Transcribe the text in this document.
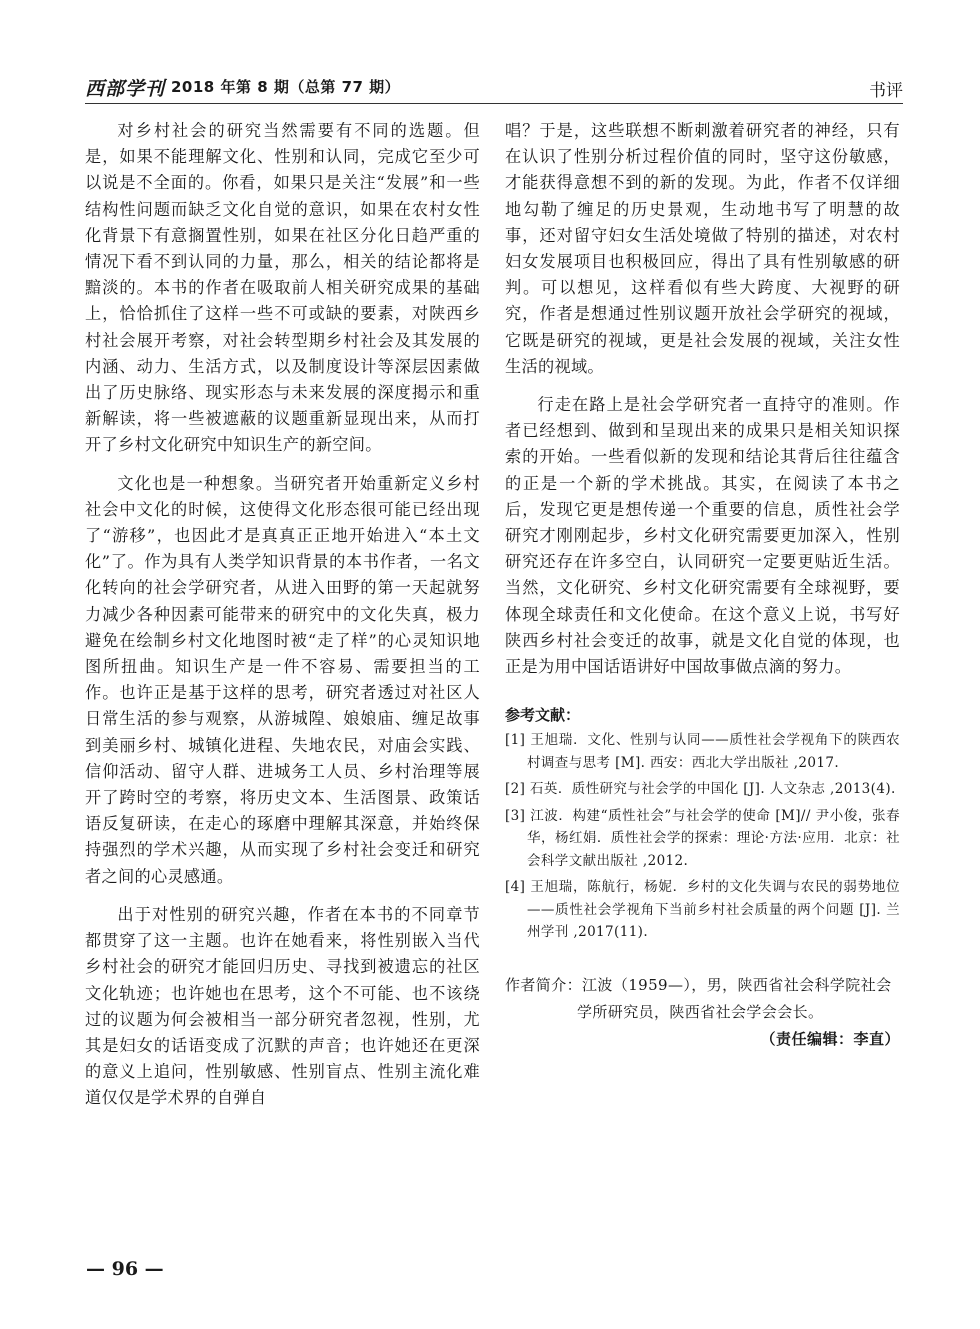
西部学刊 2018 年第 8 期（总第 77 期）	书评

对乡村社会的研究当然需要有不同的选题。但是，如果不能理解文化、性别和认同，完成它至少可以说是不全面的。你看，如果只是关注“发展”和一些结构性问题而缺乏文化自觉的意识，如果在农村女性化背景下有意搁置性别，如果在社区分化日趋严重的情况下看不到认同的力量，那么，相关的结论都将是黯淡的。本书的作者在吸取前人相关研究成果的基础上，恰恰抓住了这样一些不可或缺的要素，对陕西乡村社会展开考察，对社会转型期乡村社会及其发展的内涵、动力、生活方式，以及制度设计等深层因素做出了历史脉络、现实形态与未来发展的深度揭示和重新解读，将一些被遮蔽的议题重新显现出来，从而打开了乡村文化研究中知识生产的新空间。

文化也是一种想象。当研究者开始重新定义乡村社会中文化的时候，这使得文化形态很可能已经出现了“游移”，也因此才是真真正正地开始进入“本土文化”了。作为具有人类学知识背景的本书作者，一名文化转向的社会学研究者，从进入田野的第一天起就努力减少各种因素可能带来的研究中的文化失真，极力避免在绘制乡村文化地图时被“走了样”的心灵知识地图所扭曲。知识生产是一件不容易、需要担当的工作。也许正是基于这样的思考，研究者透过对社区人日常生活的参与观察，从游城隍、娘娘庙、缠足故事到美丽乡村、城镇化进程、失地农民，对庙会实践、信仰活动、留守人群、进城务工人员、乡村治理等展开了跨时空的考察，将历史文本、生活图景、政策话语反复研读，在走心的琢磨中理解其深意，并始终保持强烈的学术兴趣，从而实现了乡村社会变迁和研究者之间的心灵感通。

出于对性别的研究兴趣，作者在本书的不同章节都贯穿了这一主题。也许在她看来，将性别嵌入当代乡村社会的研究才能回归历史、寻找到被遗忘的社区文化轨迹；也许她也在思考，这个不可能、也不该绕过的议题为何会被相当一部分研究者忽视，性别，尤其是妇女的话语变成了沉默的声音；也许她还在更深的意义上追问，性别敏感、性别盲点、性别主流化难道仅仅是学术界的自弹自

唱？于是，这些联想不断刺激着研究者的神经，只有在认识了性别分析过程价值的同时，坚守这份敏感，才能获得意想不到的新的发现。为此，作者不仅详细地勾勒了缠足的历史景观，生动地书写了明慧的故事，还对留守妇女生活处境做了特别的描述，对农村妇女发展项目也积极回应，得出了具有性别敏感的研判。可以想见，这样看似有些大跨度、大视野的研究，作者是想通过性别议题开放社会学研究的视域，它既是研究的视域，更是社会发展的视域，关注女性生活的视域。

行走在路上是社会学研究者一直持守的准则。作者已经想到、做到和呈现出来的成果只是相关知识探索的开始。一些看似新的发现和结论其背后往往蕴含的正是一个新的学术挑战。其实，在阅读了本书之后，发现它更是想传递一个重要的信息，质性社会学研究才刚刚起步，乡村文化研究需要更加深入，性别研究还存在许多空白，认同研究一定要更贴近生活。当然，文化研究、乡村文化研究需要有全球视野，要体现全球责任和文化使命。在这个意义上说，书写好陕西乡村社会变迁的故事，就是文化自觉的体现，也正是为用中国话语讲好中国故事做点滴的努力。

参考文献：
[1] 王旭瑞．文化、性别与认同——质性社会学视角下的陕西农村调查与思考 [M]. 西安：西北大学出版社 ,2017.
[2] 石英．质性研究与社会学的中国化 [J]. 人文杂志 ,2013(4).
[3] 江波．构建“质性社会”与社会学的使命 [M]// 尹小俊，张春华，杨红娟．质性社会学的探索：理论·方法·应用．北京：社会科学文献出版社 ,2012.
[4] 王旭瑞，陈航行，杨妮．乡村的文化失调与农民的弱势地位——质性社会学视角下当前乡村社会质量的两个问题 [J]. 兰州学刊 ,2017(11).
作者简介：江波（1959—），男，陕西省社会科学院社会学所研究员，陕西省社会学会会长。
（责任编辑：李直）
— 96 —
